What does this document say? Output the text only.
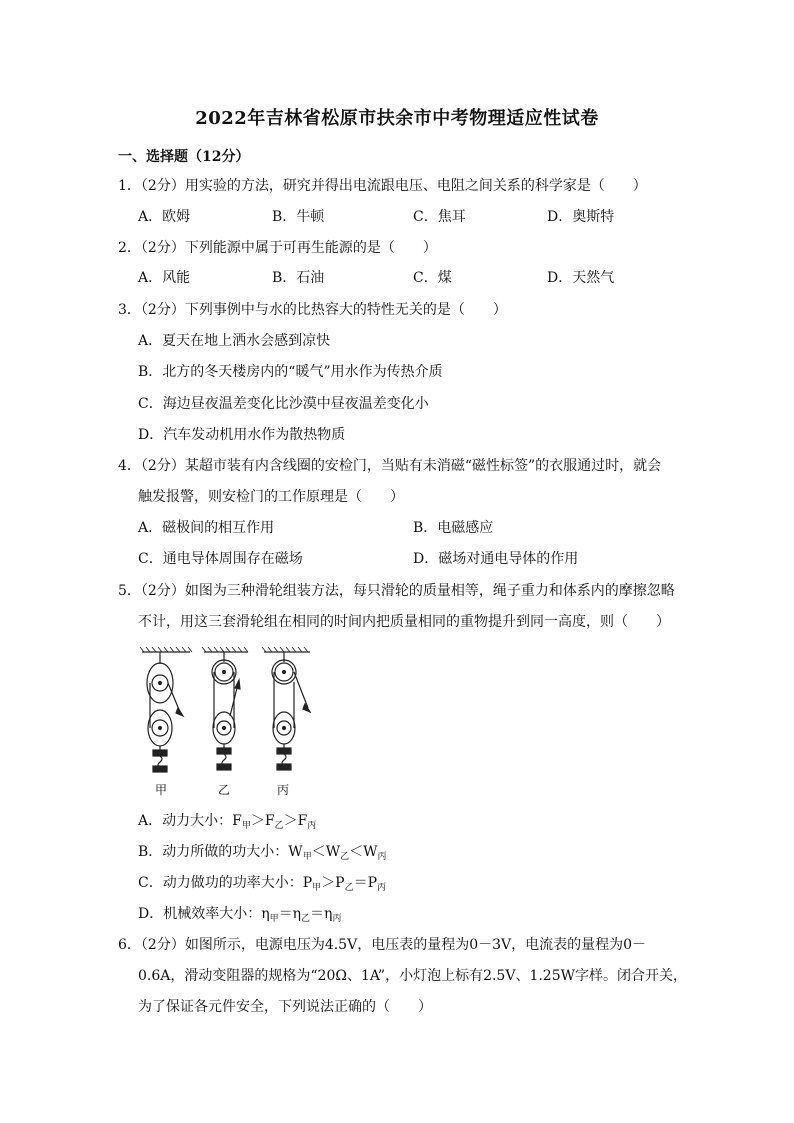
2022年吉林省松原市扶余市中考物理适应性试卷
一、选择题（12分）
1．（2分）用实验的方法，研究并得出电流跟电压、电阻之间关系的科学家是（　　）
A．欧姆	B．牛顿	C．焦耳	D．奥斯特
2．（2分）下列能源中属于可再生能源的是（　　）
A．风能	B．石油	C．煤	D．天然气
3．（2分）下列事例中与水的比热容大的特性无关的是（　　）
A．夏天在地上洒水会感到凉快
B．北方的冬天楼房内的“暖气”用水作为传热介质
C．海边昼夜温差变化比沙漠中昼夜温差变化小
D．汽车发动机用水作为散热物质
4．（2分）某超市装有内含线圈的安检门，当贴有未消磁“磁性标签”的衣服通过时，就会
触发报警，则安检门的工作原理是（　　）
A．磁极间的相互作用	B．电磁感应
C．通电导体周围存在磁场	D．磁场对通电导体的作用
5．（2分）如图为三种滑轮组装方法，每只滑轮的质量相等，绳子重力和体系内的摩擦忽略
不计，用这三套滑轮组在相同的时间内把质量相同的重物提升到同一高度，则（　　）
甲	乙	丙
A．动力大小：$F_甲>F_乙>F_丙$
B．动力所做的功大小：$W_甲<W_乙<W_丙$
C．动力做功的功率大小：$P_甲>P_乙=P_丙$
D．机械效率大小：$\eta_甲=\eta_乙=\eta_丙$
6．（2分）如图所示，电源电压为4.5V，电压表的量程为0－3V，电流表的量程为0－
0.6A，滑动变阻器的规格为“20Ω、1A”，小灯泡上标有2.5V、1.25W字样。闭合开关，
为了保证各元件安全，下列说法正确的（　　）
